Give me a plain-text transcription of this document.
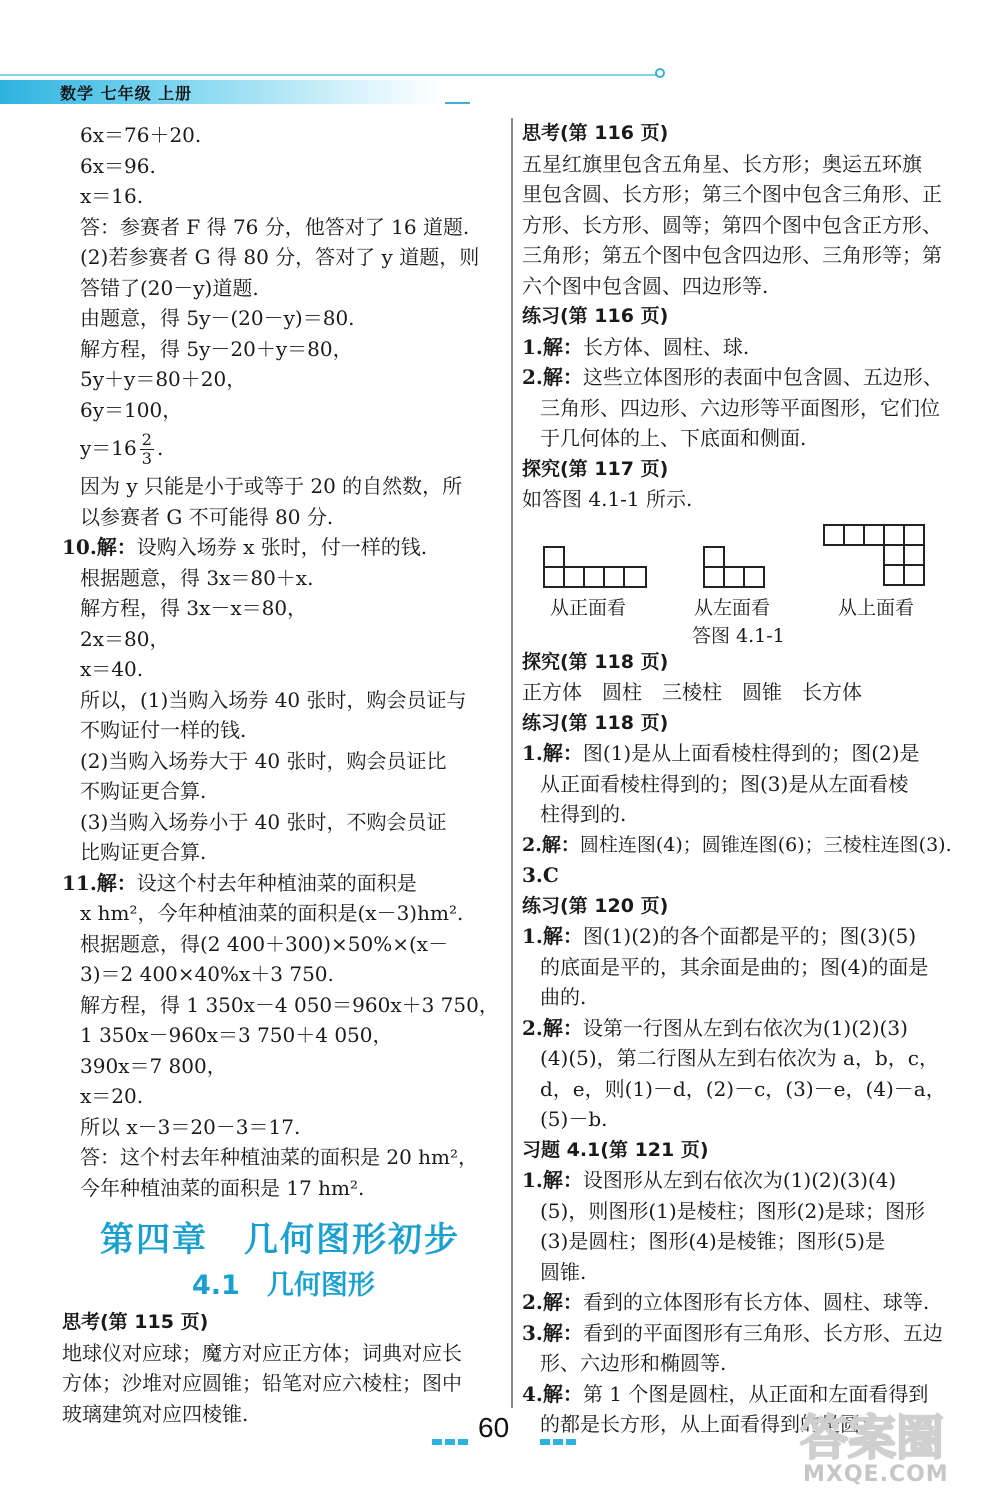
数学 七年级 上册

6x＝76＋20.

6x＝96.

x＝16.

答：参赛者 F 得 76 分，他答对了 16 道题.

(2)若参赛者 G 得 80 分，答对了 y 道题，则

答错了(20－y)道题.

由题意，得 5y－(20－y)＝80.

解方程，得 5y－20＋y＝80，

5y＋y＝80＋20，

6y＝100，

$y=16 \frac{2}{3}$ .

因为 y 只能是小于或等于 20 的自然数，所

以参赛者 G 不可能得 80 分.

10.解：设购入场券 x 张时，付一样的钱.

根据题意，得 3x＝80＋x.

解方程，得 3x－x＝80，

2x＝80，

x＝40.

所以，(1)当购入场券 40 张时，购会员证与

不购证付一样的钱.

(2)当购入场券大于 40 张时，购会员证比

不购证更合算.

(3)当购入场券小于 40 张时，不购会员证

比购证更合算.

11.解：设这个村去年种植油菜的面积是

x hm²，今年种植油菜的面积是(x－3)hm².

根据题意，得(2 400＋300)×50%×(x－

3)＝2 400×40%x＋3 750.

解方程，得 1 350x－4 050＝960x＋3 750，

1 350x－960x＝3 750＋4 050，

390x＝7 800，

x＝20.

所以 x－3＝20－3＝17.

答：这个村去年种植油菜的面积是 20 hm²，

今年种植油菜的面积是 17 hm².

第四章　几何图形初步

4.1　几何图形

思考(第 115 页)

地球仪对应球；魔方对应正方体；词典对应长

方体；沙堆对应圆锥；铅笔对应六棱柱；图中

玻璃建筑对应四棱锥.

思考(第 116 页)

五星红旗里包含五角星、长方形；奥运五环旗

里包含圆、长方形；第三个图中包含三角形、正

方形、长方形、圆等；第四个图中包含正方形、

三角形；第五个图中包含四边形、三角形等；第

六个图中包含圆、四边形等.

练习(第 116 页)

1.解：长方体、圆柱、球.

2.解：这些立体图形的表面中包含圆、五边形、

三角形、四边形、六边形等平面图形，它们位

于几何体的上、下底面和侧面.

探究(第 117 页)

如答图 4.1-1 所示.

从正面看	从左面看	从上面看
答图 4.1-1

探究(第 118 页)

正方体　圆柱　三棱柱　圆锥　长方体

练习(第 118 页)

1.解：图(1)是从上面看棱柱得到的；图(2)是

从正面看棱柱得到的；图(3)是从左面看棱

柱得到的.

2.解：圆柱连图(4)；圆锥连图(6)；三棱柱连图(3).

3.C

练习(第 120 页)

1.解：图(1)(2)的各个面都是平的；图(3)(5)

的底面是平的，其余面是曲的；图(4)的面是

曲的.

2.解：设第一行图从左到右依次为(1)(2)(3)

(4)(5)，第二行图从左到右依次为 a，b，c，

d，e，则(1)－d，(2)－c，(3)－e，(4)－a，

(5)－b.

习题 4.1(第 121 页)

1.解：设图形从左到右依次为(1)(2)(3)(4)

(5)，则图形(1)是棱柱；图形(2)是球；图形

(3)是圆柱；图形(4)是棱锥；图形(5)是

圆锥.

2.解：看到的立体图形有长方体、圆柱、球等.

3.解：看到的平面图形有三角形、长方形、五边

形、六边形和椭圆等.

4.解：第 1 个图是圆柱，从正面和左面看得到

的都是长方形，从上面看得到的是圆；

60	答案圈
MXQE.COM
